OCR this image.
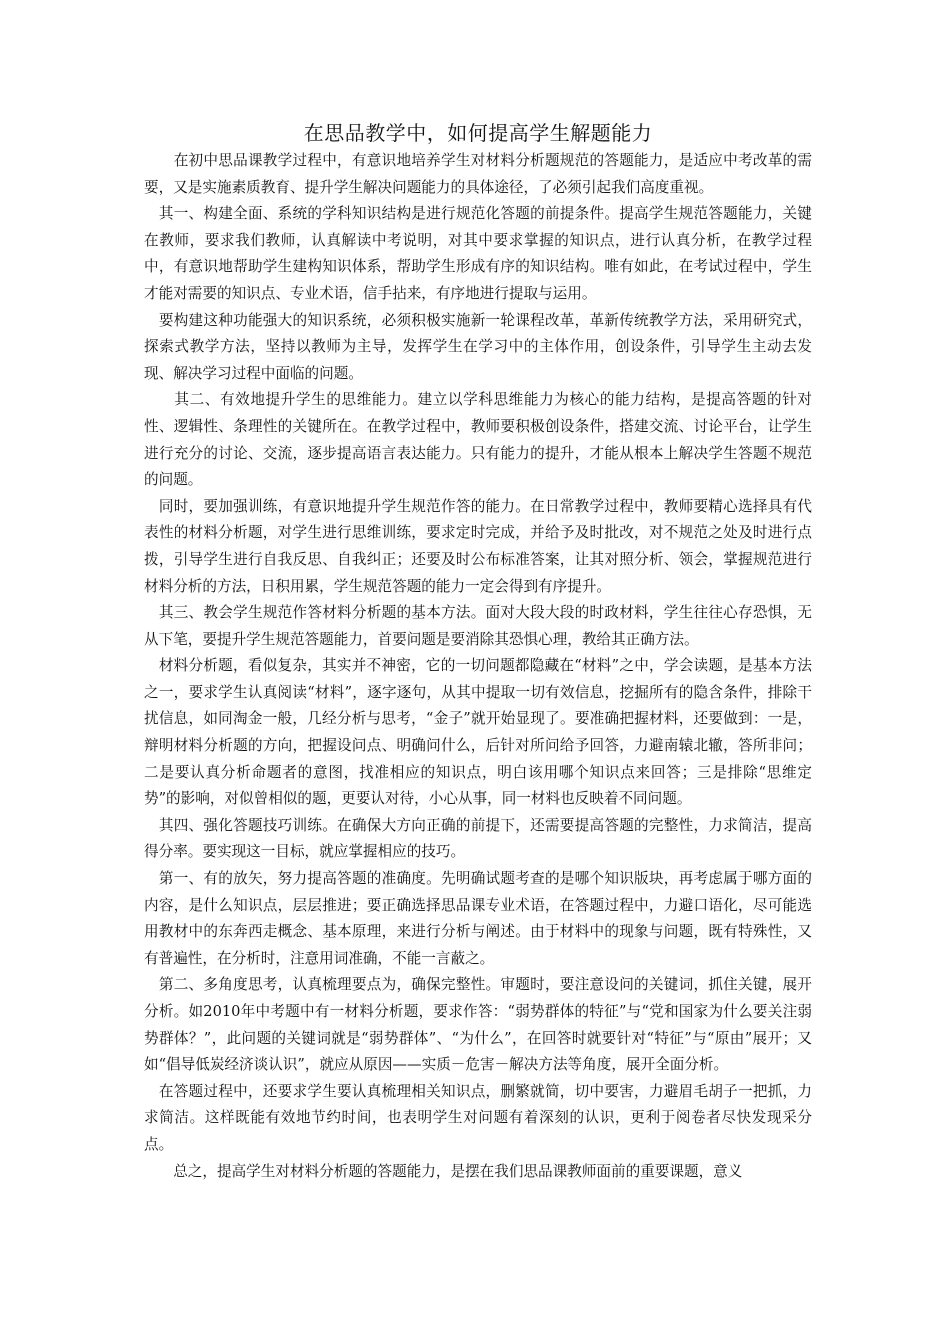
在思品教学中，如何提高学生解题能力

　　在初中思品课教学过程中，有意识地培养学生对材料分析题规范的答题能力，是适应中考改革的需要，又是实施素质教育、提升学生解决问题能力的具体途径，了必须引起我们高度重视。

　其一、构建全面、系统的学科知识结构是进行规范化答题的前提条件。提高学生规范答题能力，关键在教师，要求我们教师，认真解读中考说明，对其中要求掌握的知识点，进行认真分析，在教学过程中，有意识地帮助学生建构知识体系，帮助学生形成有序的知识结构。唯有如此，在考试过程中，学生才能对需要的知识点、专业术语，信手拈来，有序地进行提取与运用。

　要构建这种功能强大的知识系统，必须积极实施新一轮课程改革，革新传统教学方法，采用研究式，探索式教学方法，坚持以教师为主导，发挥学生在学习中的主体作用，创设条件，引导学生主动去发现、解决学习过程中面临的问题。

　　其二、有效地提升学生的思维能力。建立以学科思维能力为核心的能力结构，是提高答题的针对性、逻辑性、条理性的关键所在。在教学过程中，教师要积极创设条件，搭建交流、讨论平台，让学生进行充分的讨论、交流，逐步提高语言表达能力。只有能力的提升，才能从根本上解决学生答题不规范的问题。

　同时，要加强训练，有意识地提升学生规范作答的能力。在日常教学过程中，教师要精心选择具有代表性的材料分析题，对学生进行思维训练，要求定时完成，并给予及时批改，对不规范之处及时进行点拨，引导学生进行自我反思、自我纠正；还要及时公布标准答案，让其对照分析、领会，掌握规范进行材料分析的方法，日积用累，学生规范答题的能力一定会得到有序提升。

　其三、教会学生规范作答材料分析题的基本方法。面对大段大段的时政材料，学生往往心存恐惧，无从下笔，要提升学生规范答题能力，首要问题是要消除其恐惧心理，教给其正确方法。

　材料分析题，看似复杂，其实并不神密，它的一切问题都隐藏在“材料”之中，学会读题，是基本方法之一，要求学生认真阅读“材料”，逐字逐句，从其中提取一切有效信息，挖掘所有的隐含条件，排除干扰信息，如同淘金一般，几经分析与思考，“金子”就开始显现了。要准确把握材料，还要做到：一是，辩明材料分析题的方向，把握设问点、明确问什么，后针对所问给予回答，力避南辕北辙，答所非问；二是要认真分析命题者的意图，找准相应的知识点，明白该用哪个知识点来回答；三是排除“思维定势”的影响，对似曾相似的题，更要认对待，小心从事，同一材料也反映着不同问题。

　其四、强化答题技巧训练。在确保大方向正确的前提下，还需要提高答题的完整性，力求简洁，提高得分率。要实现这一目标，就应掌握相应的技巧。

　第一、有的放矢，努力提高答题的准确度。先明确试题考查的是哪个知识版块，再考虑属于哪方面的内容，是什么知识点，层层推进；要正确选择思品课专业术语，在答题过程中，力避口语化，尽可能选用教材中的东奔西走概念、基本原理，来进行分析与阐述。由于材料中的现象与问题，既有特殊性，又有普遍性，在分析时，注意用词准确，不能一言蔽之。

　第二、多角度思考，认真梳理要点为，确保完整性。审题时，要注意设问的关键词，抓住关键，展开分析。如2010年中考题中有一材料分析题，要求作答：“弱势群体的特征”与“党和国家为什么要关注弱势群体？”，此问题的关键词就是“弱势群体”、“为什么”，在回答时就要针对“特征”与“原由”展开；又如“倡导低炭经济谈认识”，就应从原因——实质－危害－解决方法等角度，展开全面分析。

　在答题过程中，还要求学生要认真梳理相关知识点，删繁就简，切中要害，力避眉毛胡子一把抓，力求简洁。这样既能有效地节约时间，也表明学生对问题有着深刻的认识，更利于阅卷者尽快发现采分点。

　　总之，提高学生对材料分析题的答题能力，是摆在我们思品课教师面前的重要课题，意义
